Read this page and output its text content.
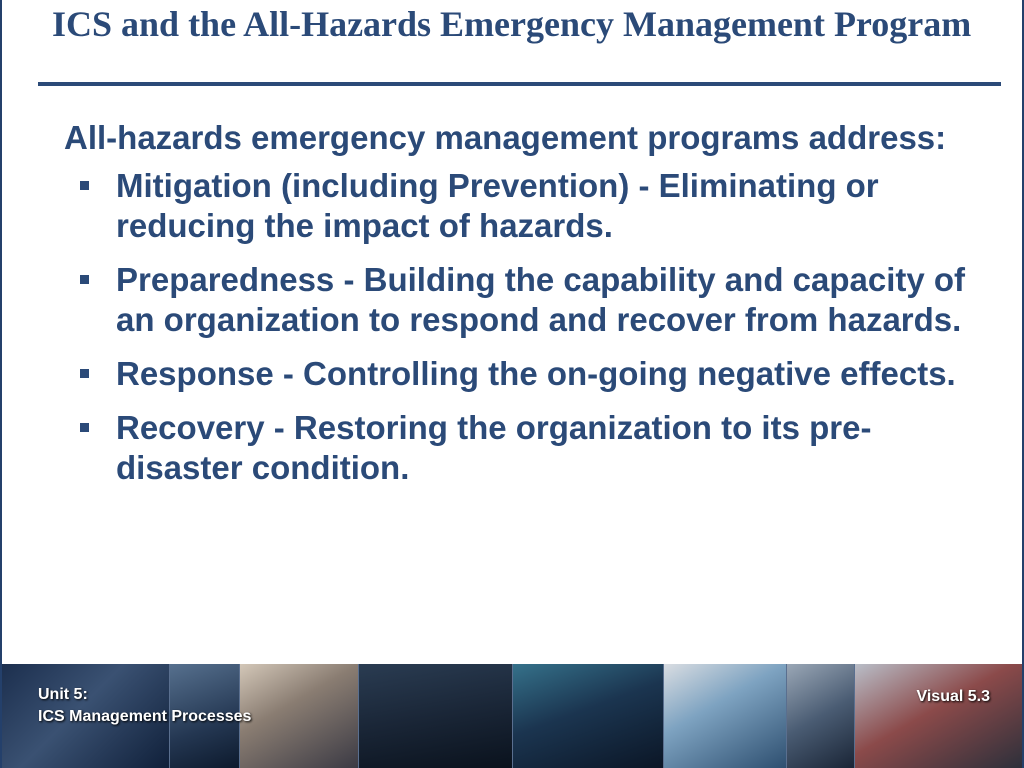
ICS and the All-Hazards Emergency Management Program

All-hazards emergency management programs address:

Mitigation (including Prevention) - Eliminating or reducing the impact of hazards.
Preparedness - Building the capability and capacity of an organization to respond and recover from hazards.
Response - Controlling the on-going negative effects.
Recovery - Restoring the organization to its pre-disaster condition.
Unit 5:
ICS Management Processes
Visual 5.3
